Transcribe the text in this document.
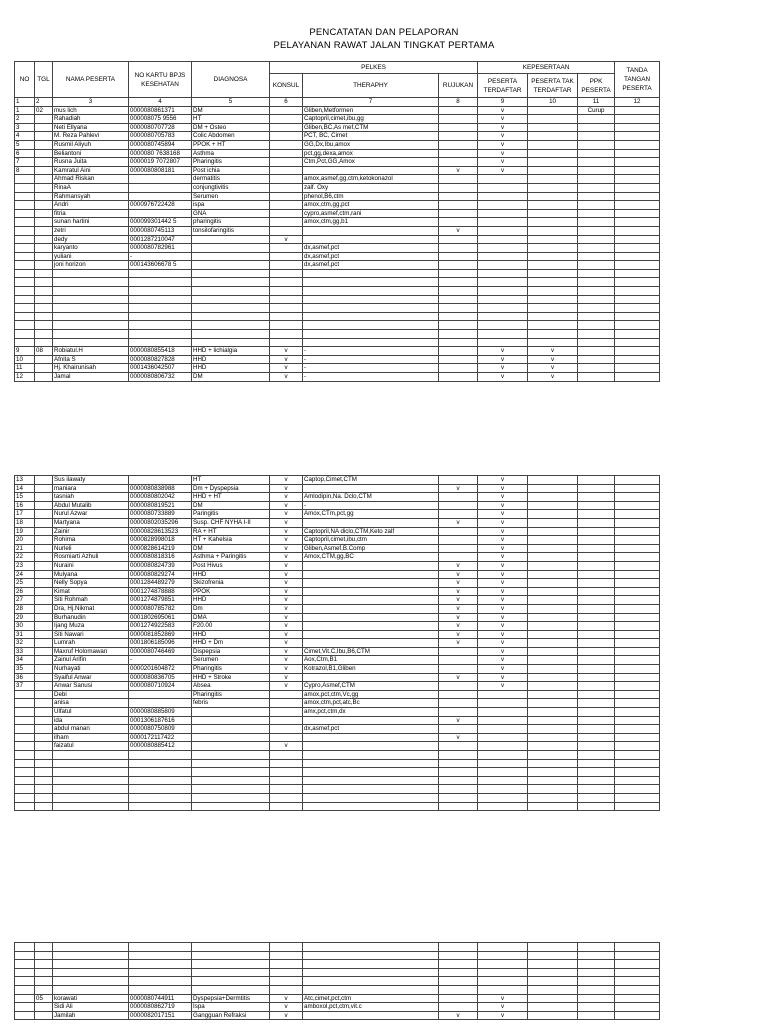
PENCATATAN DAN PELAPORAN
PELAYANAN RAWAT JALAN TINGKAT PERTAMA
NO	TGL	NAMA PESERTA	NO KARTU BPJS KESEHATAN	DIAGNOSA	PELKES			KEPESERTAAN			TANDA TANGAN PESERTA
					KONSUL	THERAPHY	RUJUKAN	PESERTA TERDAFTAR	PESERTA TAK TERDAFTAR	PPK PESERTA	

1	2	3	4	5	6	7	8	9	10	11	12
1	02	mus lich	0000080861371	DM		Gliben,Metformen		v		Curup	
2		Rahadiah	000008075 9556	HT		Captopril,cimet,ibu,gg		v			
3		Neti Ellyana	0000080707728	DM + Osteo		Gliben,BC,As mef,CTM		v			
4		M. Reza Pahlevi	0000080705783	Colic Abdomen		PCT, BC, Cimet		v			
5		Rusmil Aliyuh	0000080745894	PPOK + HT		GG,Dx,Ibu,amox		v			
6		Beliantoni	0000080 7638168	Asthma		pct,gg,dexa,amox		v			
7		Rusna Juita	0000019 7072807	Pharingitis		Ctm,Pct,GG,Amox		v			
8		Kamratul Aini	0000080808181	Post ichia			v	v			
		Ahmad Riskan		dermatitis		amox,asmef,gg,ctm,ketokonazol					
		RinaA		conjungtivitis		zalf. Oxy					
		Rahmansyah		Serumen		phenol,B6,ctm					
		Andri	0000976722428	ispa		amox,ctm,gg,pct					
		fitria		GNA		cypro,asmef,ctm,rani					
		sunan hartini	000099301442 5	pharingitis		amox,ctm,gg,b1					
		zetri	0000080745113	tonsilofaringitis			v				
		dedy	0001287210047		v						
		karyanto	0000080782961			dx,asmef,pct					
		yuliani	-			dx,asmef,pct					
		joni horizon	000143606678 5			dx,asmef,pct					

9	08	Robiatul.H	0000080855418	HHD + lichialgia	v	-		v	v		
10		Afnita S	0000080827828	HHD	v	-		v	v		
11		Hj. Khairunisah	0001436042507	HHD	v	-		v	v		
12		Jamal	0000080806732	DM	v	-		v	v		
13		Sus ilawaty		HT	v	Captop,Cimet,CTM		v			
14		maniara	0000080838988	Dm + Dyspepsia	v		v	v			
15		tasniah	0000080802042	HHD + HT	v	Amlodipin,Na. Dclo,CTM		v			
16		Abdul Mutalib	0000080819521	DM	v	-		v			
17		Nurul Azwar	0000080733889	Paringitis	v	Amox,CTm,pct,gg		v			
18		Martyana	00000802035296	Susp. CHF NYHA I-II	v		v	v			
19		Zainir	00000828613523	RA + HT	v	Captopril,NA diclo,CTM,Keto zalf		v			
20		Rohima	0000828998018	HT + Kahelsia	v	Captopril,cimet,ibu,ctm		v			
21		Nurleli	0000828614219	DM	v	Gliben,Asmef,B.Comp		v			
22		Rosmiarti Azhuli	0000080818316	Asthma + Paringitis	v	Amox,CTM,gg,BC		v			
23		Nuraini	0000080824739	Post Hivus	v		v	v			
24		Mulyana	0000080829274	HHD	v		v	v			
25		Nelly Sopya	0001284489279	Skizofrenia	v		v	v			
26		Kimat	0001274878888	PPOK	v		v	v			
27		Siti Rohmah	0001274879851	HHD	v		v	v			
28		Dra, Hj.Nikmat	0000080785782	Dm	v		v	v			
29		Burhanudin	0001802695061	DMA	v		v	v			
30		Ijang Muza	0001274922583	F20.00	v		v	v			
31		Siti Nawari	0000081852869	HHD	v		v	v			
32		Lumrah	0001806185096	HHD + Dm	v		v	v			
33		Maxruf Holomawan	0000080746469	Dispepsia	v	Cimet,Vit.C,Ibu,B6,CTM		v			
34		Zainul Arifin	-	Serumen	v	Aox,Ctm,B1		v			
35		Nurhayati	0000201604872	Pharingitis	v	Kotrazol,B1,Gliben		v			
36		Syaiful Anwar	0000080836705	HHD + Stroke	v		v	v			
37		Anwar Sanusi	0000080710924	Absea	v	Cypro,Asmef,CTM		v			
		Debi		Pharingitis		amox,pct,ctm,Vc,gg					
		anisa		febris		amox,ctm,pct,atc,Bc					
		Ulfatul	0000080885809			amx,pct,ctm,dx					
		ida	0001306187616				v				
		abdul manan	0000080750809			dx,asmef,pct					
		ilham	0000172117422				v				
		faizatul	0000080885412		v						

	05	korawati	0000080744911	Dyspepsia+Dermtitis	v	Atc,cimet,pct,ctm		v			
		Sidi Ali	0000080862719	Ispa	v	amboxol,pct,ctm,vit.c		v			
		Jamilah	0000082017151	Gangguan Refraksi	v		v	v			
